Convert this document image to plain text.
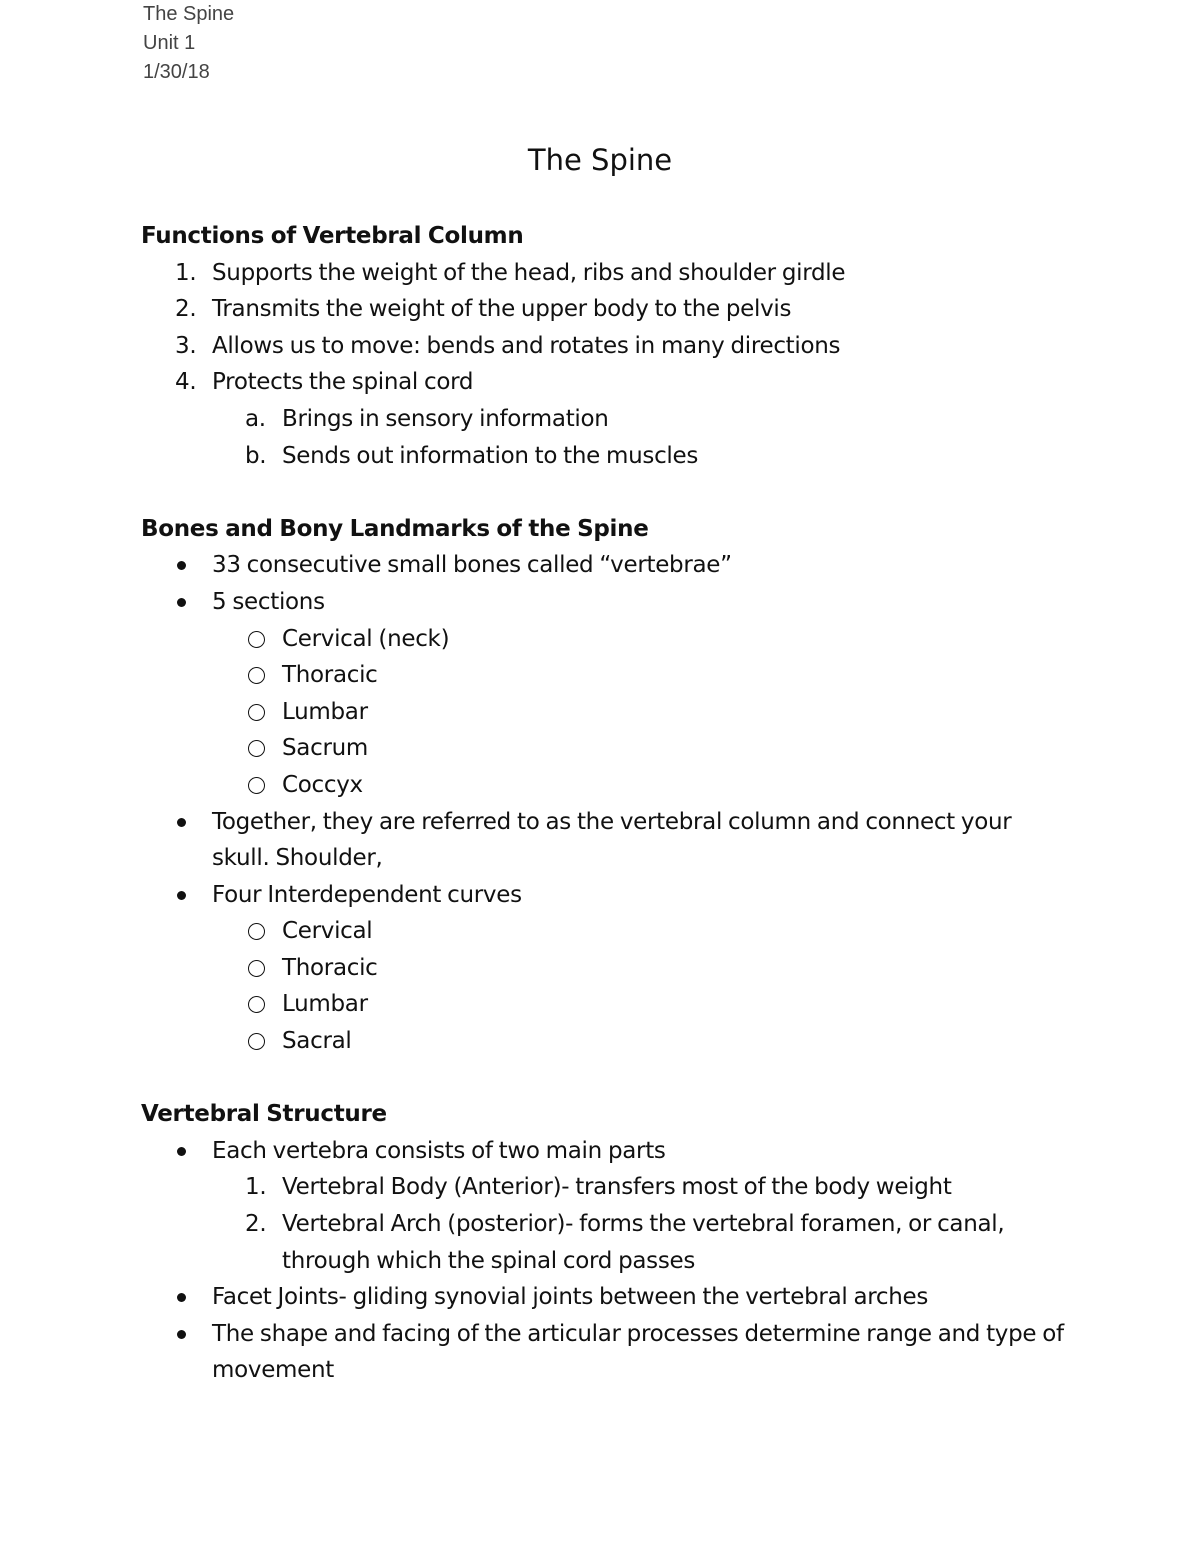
The Spine
Unit 1
1/30/18
The Spine
Functions of Vertebral Column
1. Supports the weight of the head, ribs and shoulder girdle
2. Transmits the weight of the upper body to the pelvis
3. Allows us to move: bends and rotates in many directions
4. Protects the spinal cord
a. Brings in sensory information
b. Sends out information to the muscles
Bones and Bony Landmarks of the Spine
33 consecutive small bones called “vertebrae”
5 sections
Cervical (neck)
Thoracic
Lumbar
Sacrum
Coccyx
Together, they are referred to as the vertebral column and connect your skull. Shoulder,
Four Interdependent curves
Cervical
Thoracic
Lumbar
Sacral
Vertebral Structure
Each vertebra consists of two main parts
1. Vertebral Body (Anterior)- transfers most of the body weight
2. Vertebral Arch (posterior)- forms the vertebral foramen, or canal, through which the spinal cord passes
Facet Joints- gliding synovial joints between the vertebral arches
The shape and facing of the articular processes determine range and type of movement
